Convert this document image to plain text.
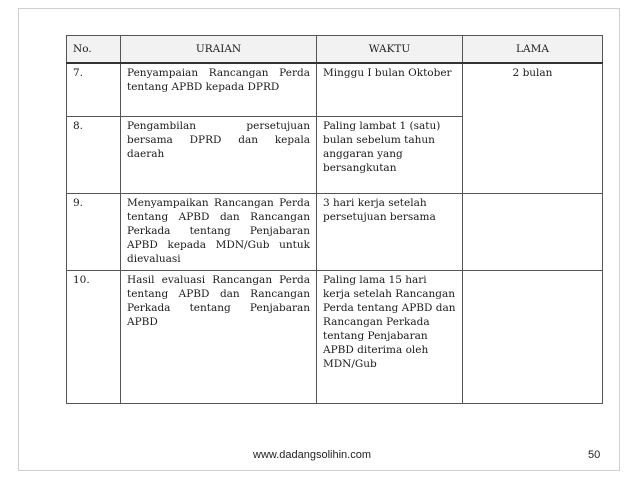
No.	URAIAN	WAKTU	LAMA
7.	Penyampaian Rancangan Perda tentang APBD kepada DPRD	Minggu I bulan Oktober	2 bulan
8.	Pengambilan persetujuan bersama DPRD dan kepala daerah	Paling lambat 1 (satu) bulan sebelum tahun anggaran yang bersangkutan	
9.	Menyampaikan Rancangan Perda tentang APBD dan Rancangan Perkada tentang Penjabaran APBD kepada MDN/Gub untuk dievaluasi	3 hari kerja setelah persetujuan bersama	
10.	Hasil evaluasi Rancangan Perda tentang APBD dan Rancangan Perkada tentang Penjabaran APBD	Paling lama 15 hari kerja setelah Rancangan Perda tentang APBD dan Rancangan Perkada tentang Penjabaran APBD diterima oleh MDN/Gub	
www.dadangsolihin.com	50
